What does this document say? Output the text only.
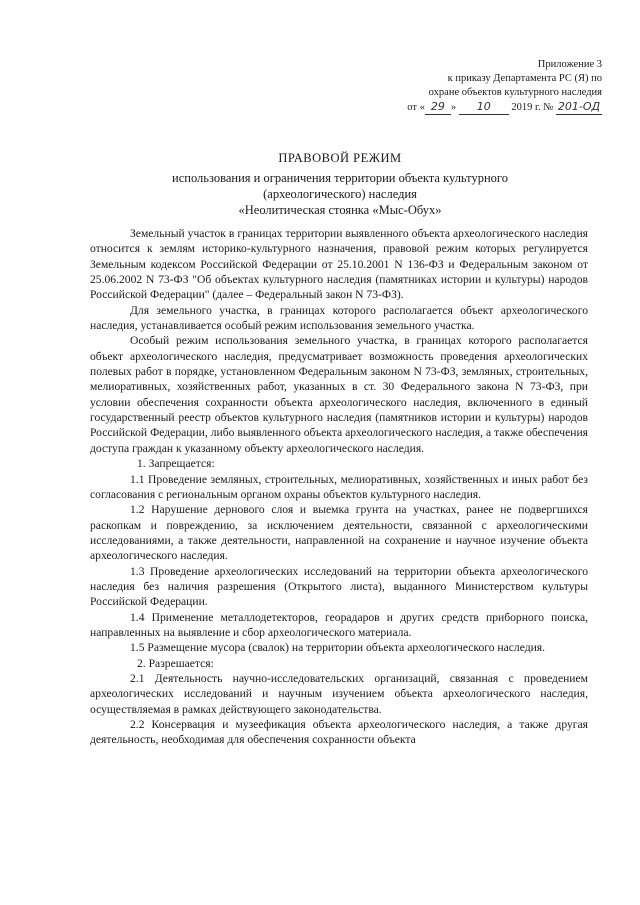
Приложение 3
к приказу Департамента РС (Я) по
охране объектов культурного наследия
от « 29 » 10 2019 г. № 201-ОД
ПРАВОВОЙ РЕЖИМ
использования и ограничения территории объекта культурного
(археологического) наследия
«Неолитическая стоянка «Мыс-Обух»

Земельный участок в границах территории выявленного объекта археологического наследия относится к землям историко-культурного назначения, правовой режим которых регулируется Земельным кодексом Российской Федерации от 25.10.2001 N 136-ФЗ и Федеральным законом от 25.06.2002 N 73-ФЗ "Об объектах культурного наследия (памятниках истории и культуры) народов Российской Федерации" (далее – Федеральный закон N 73-ФЗ).

Для земельного участка, в границах которого располагается объект археологического наследия, устанавливается особый режим использования земельного участка.

Особый режим использования земельного участка, в границах которого располагается объект археологического наследия, предусматривает возможность проведения археологических полевых работ в порядке, установленном Федеральным законом N 73-ФЗ, земляных, строительных, мелиоративных, хозяйственных работ, указанных в ст. 30 Федерального закона N 73-ФЗ, при условии обеспечения сохранности объекта археологического наследия, включенного в единый государственный реестр объектов культурного наследия (памятников истории и культуры) народов Российской Федерации, либо выявленного объекта археологического наследия, а также обеспечения доступа граждан к указанному объекту археологического наследия.

1. Запрещается:

1.1 Проведение земляных, строительных, мелиоративных, хозяйственных и иных работ без согласования с региональным органом охраны объектов культурного наследия.

1.2 Нарушение дернового слоя и выемка грунта на участках, ранее не подвергшихся раскопкам и повреждению, за исключением деятельности, связанной с археологическими исследованиями, а также деятельности, направленной на сохранение и научное изучение объекта археологического наследия.

1.3 Проведение археологических исследований на территории объекта археологического наследия без наличия разрешения (Открытого листа), выданного Министерством культуры Российской Федерации.

1.4 Применение металлодетекторов, георадаров и других средств приборного поиска, направленных на выявление и сбор археологического материала.

1.5 Размещение мусора (свалок) на территории объекта археологического наследия.

2. Разрешается:

2.1 Деятельность научно-исследовательских организаций, связанная с проведением археологических исследований и научным изучением объекта археологического наследия, осуществляемая в рамках действующего законодательства.

2.2 Консервация и музеефикация объекта археологического наследия, а также другая деятельность, необходимая для обеспечения сохранности объекта
